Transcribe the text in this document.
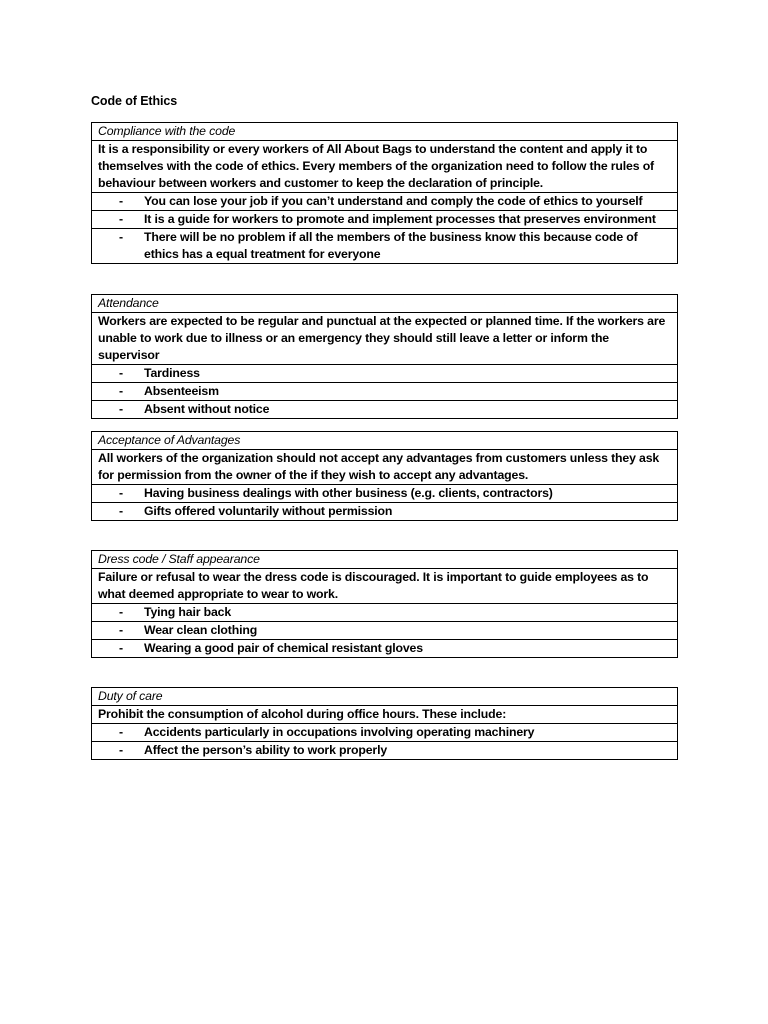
Code of Ethics
Compliance with the code
It is a responsibility or every workers of All About Bags to understand the content and apply it to themselves with the code of ethics. Every members of the organization need to follow the rules of behaviour between workers and customer to keep the declaration of principle.

-	You can lose your job if you can’t understand and comply the code of ethics to yourself

-	It is a guide for workers to promote and implement processes that preserves environment

-	There will be no problem if all the members of the business know this because code of ethics has a equal treatment for everyone
Attendance
Workers are expected to be regular and punctual at the expected or planned time. If the workers are unable to work due to illness or an emergency they should still leave a letter or inform the supervisor

-	Tardiness

-	Absenteeism

-	Absent without notice
Acceptance of Advantages
All workers of the organization should not accept any advantages from customers unless they ask for permission from the owner of the if they wish to accept any advantages.

-	Having business dealings with other business (e.g. clients, contractors)

-	Gifts offered voluntarily without permission
Dress code / Staff appearance
Failure or refusal to wear the dress code is discouraged. It is important to guide employees as to what deemed appropriate to wear to work.

-	Tying hair back

-	Wear clean clothing

-	Wearing a good pair of chemical resistant gloves
Duty of care
Prohibit the consumption of alcohol during office hours. These include:

-	Accidents particularly in occupations involving operating machinery

-	Affect the person’s ability to work properly
